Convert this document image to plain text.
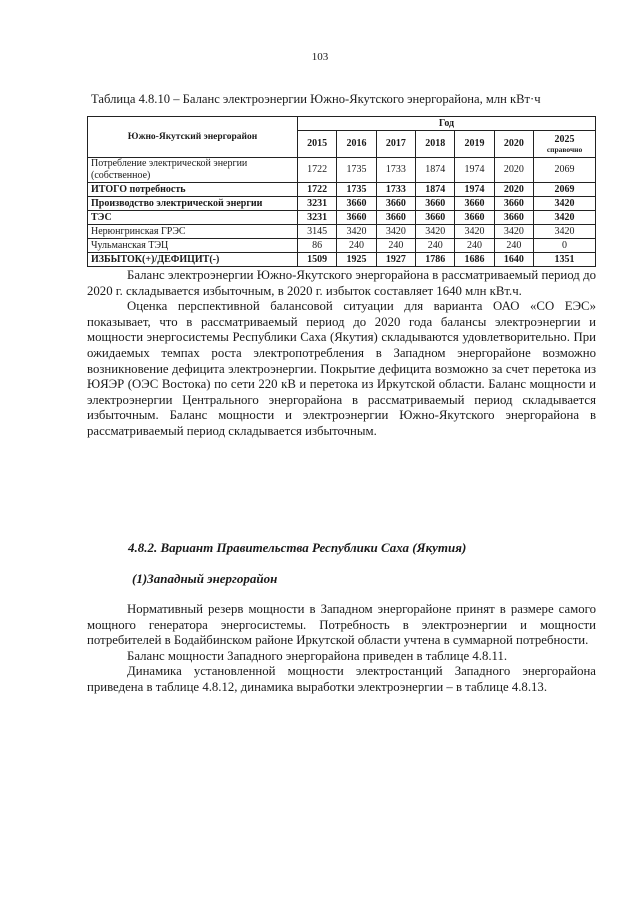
103
Таблица 4.8.10 – Баланс электроэнергии Южно-Якутского энергорайона, млн кВт·ч
Южно-Якутский энергорайон	Год						
	2015	2016	2017	2018	2019	2020	2025
справочно

Потребление электрической энергии (собственное)	1722	1735	1733	1874	1974	2020	2069
ИТОГО потребность	1722	1735	1733	1874	1974	2020	2069
Производство электрической энергии	3231	3660	3660	3660	3660	3660	3420
ТЭС	3231	3660	3660	3660	3660	3660	3420
Нерюнгринская ГРЭС	3145	3420	3420	3420	3420	3420	3420
Чульманская ТЭЦ	86	240	240	240	240	240	0
ИЗБЫТОК(+)/ДЕФИЦИТ(-)	1509	1925	1927	1786	1686	1640	1351

Баланс электроэнергии Южно-Якутского энергорайона в рассматриваемый период до 2020 г. складывается избыточным, в 2020 г. избыток составляет 1640 млн кВт.ч.

Оценка перспективной балансовой ситуации для варианта ОАО «СО ЕЭС» показывает, что в рассматриваемый период до 2020 года балансы электроэнергии и мощности энергосистемы Республики Саха (Якутия) складываются удовлетворительно. При ожидаемых темпах роста электропотребления в Западном энергорайоне возможно возникновение дефицита электроэнергии. Покрытие дефицита возможно за счет перетока из ЮЯЭР (ОЭС Востока) по сети 220 кВ и перетока из Иркутской области. Баланс мощности и электроэнергии Центрального энергорайона в рассматриваемый период складывается избыточным. Баланс мощности и электроэнергии Южно-Якутского энергорайона в рассматриваемый период складывается избыточным.

4.8.2. Вариант Правительства Республики Саха (Якутия)
(1)Западный энергорайон

Нормативный резерв мощности в Западном энергорайоне принят в размере самого мощного генератора энергосистемы. Потребность в электроэнергии и мощности потребителей в Бодайбинском районе Иркутской области учтена в суммарной потребности.

Баланс мощности Западного энергорайона приведен в таблице 4.8.11.

Динамика установленной мощности электростанций Западного энергорайона приведена в таблице 4.8.12, динамика выработки электроэнергии – в таблице 4.8.13.
